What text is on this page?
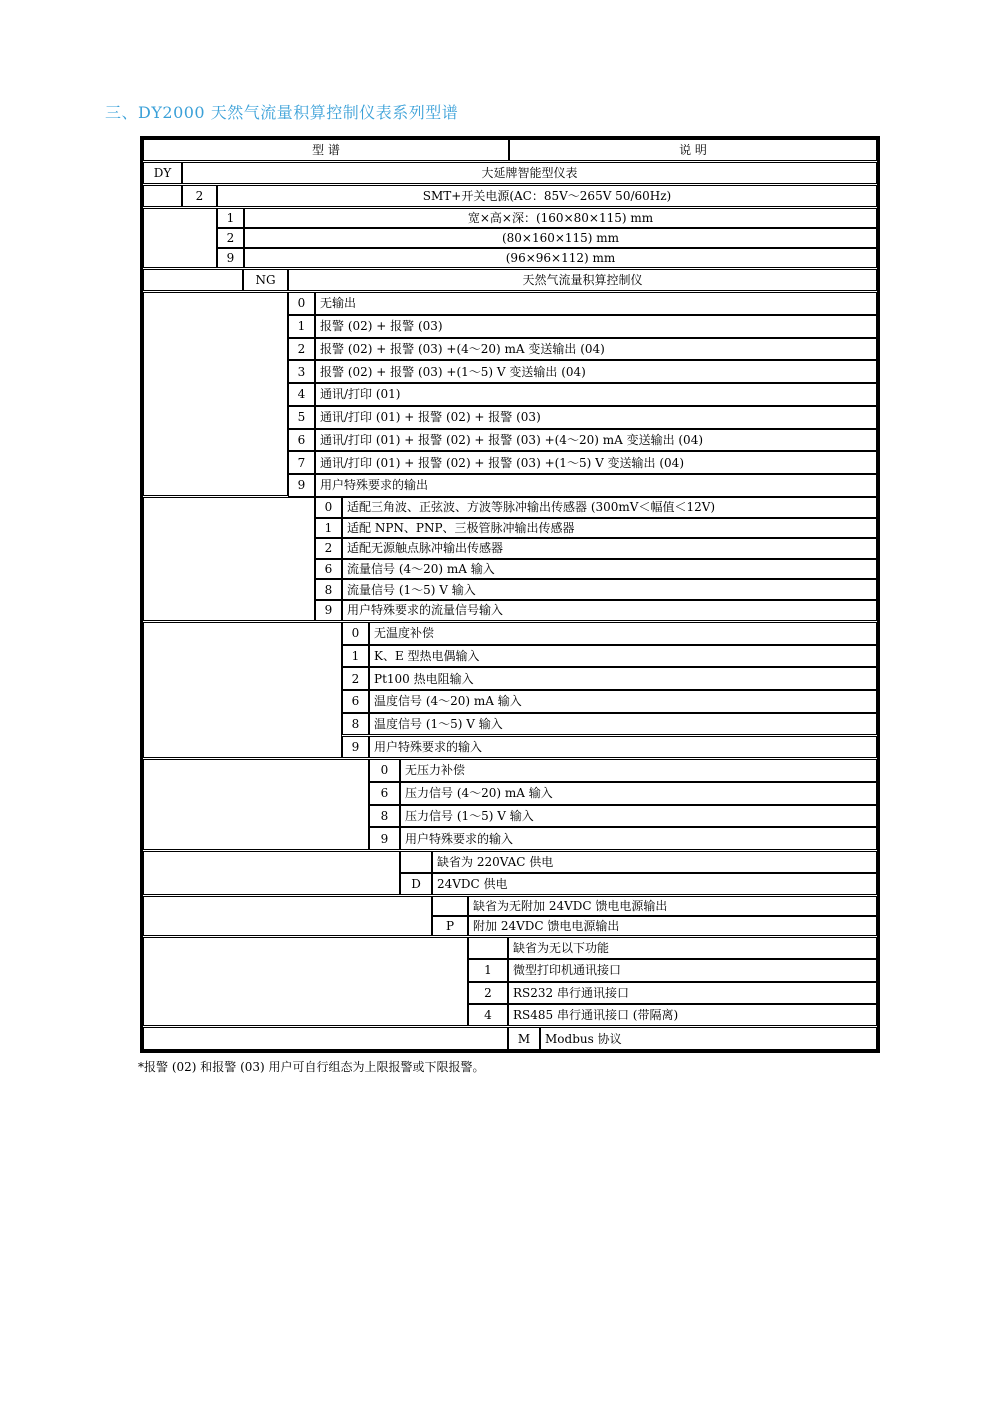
三、DY2000 天然气流量积算控制仪表系列型谱
型 谱	说 明
DY	大延牌智能型仪表
2	SMT+开关电源(AC：85V～265V 50/60Hz)
1	宽×高×深：(160×80×115) mm
2	(80×160×115) mm
9	(96×96×112) mm
NG	天然气流量积算控制仪
0	无输出
1	报警 (02) + 报警 (03)
2	报警 (02) + 报警 (03) +(4～20) mA 变送输出 (04)
3	报警 (02) + 报警 (03) +(1～5) V 变送输出 (04)
4	通讯/打印 (01)
5	通讯/打印 (01) + 报警 (02) + 报警 (03)
6	通讯/打印 (01) + 报警 (02) + 报警 (03) +(4～20) mA 变送输出 (04)
7	通讯/打印 (01) + 报警 (02) + 报警 (03) +(1～5) V 变送输出 (04)
9	用户特殊要求的输出
0	适配三角波、正弦波、方波等脉冲输出传感器 (300mV＜幅值＜12V)
1	适配 NPN、PNP、三极管脉冲输出传感器
2	适配无源触点脉冲输出传感器
6	流量信号 (4～20) mA 输入
8	流量信号 (1～5) V 输入
9	用户特殊要求的流量信号输入
0	无温度补偿
1	K、E 型热电偶输入
2	Pt100 热电阻输入
6	温度信号 (4～20) mA 输入
8	温度信号 (1～5) V 输入
9	用户特殊要求的输入
0	无压力补偿
6	压力信号 (4～20) mA 输入
8	压力信号 (1～5) V 输入
9	用户特殊要求的输入
缺省为 220VAC 供电
D	24VDC 供电
缺省为无附加 24VDC 馈电电源输出
P	附加 24VDC 馈电电源输出
缺省为无以下功能
1	微型打印机通讯接口
2	RS232 串行通讯接口
4	RS485 串行通讯接口 (带隔离)
M	Modbus 协议
*报警 (02) 和报警 (03) 用户可自行组态为上限报警或下限报警。
